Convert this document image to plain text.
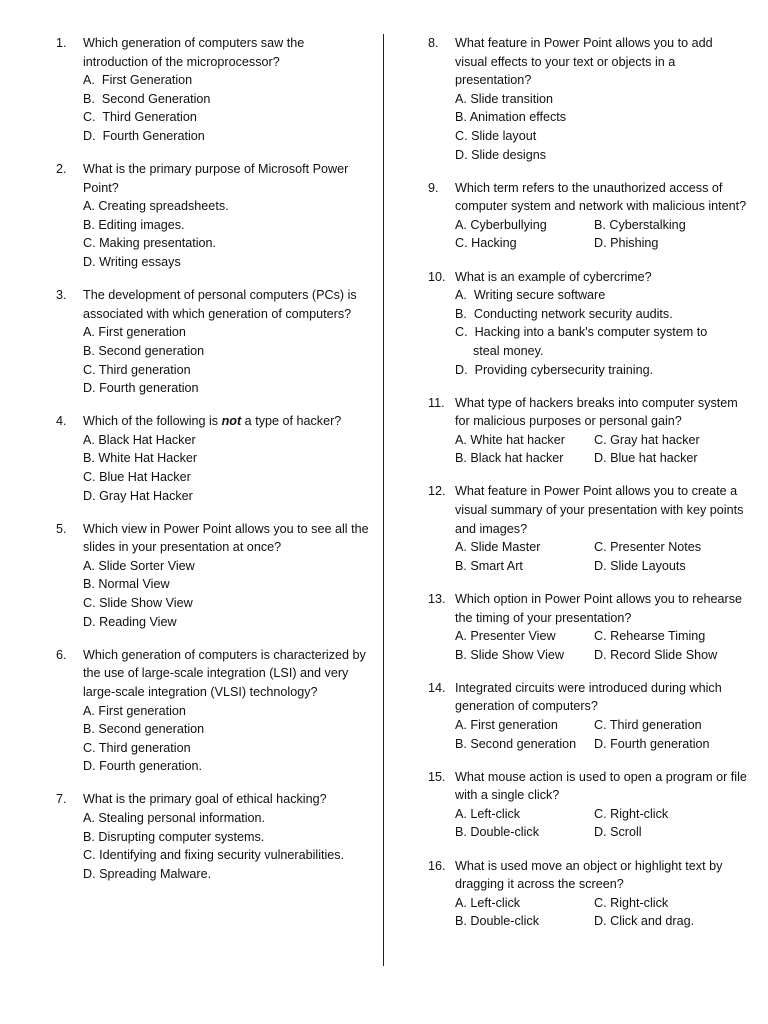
1.	Which generation of computers saw the introduction of the microprocessor?
A.  First Generation
B.  Second Generation
C.  Third Generation
D.  Fourth Generation
2.	What is the primary purpose of Microsoft Power Point?
A. Creating spreadsheets.
B. Editing images.
C. Making presentation.
D. Writing essays
3.	The development of personal computers (PCs) is associated with which generation of computers?
A. First generation
B. Second generation
C. Third generation
D. Fourth generation
4.	Which of the following is not a type of hacker?
A. Black Hat Hacker
B. White Hat Hacker
C. Blue Hat Hacker
D. Gray Hat Hacker
5.	Which view in Power Point allows you to see all the slides in your presentation at once?
A. Slide Sorter View
B. Normal View
C. Slide Show View
D. Reading View
6.	Which generation of computers is characterized by the use of large-scale integration (LSI) and very large-scale integration (VLSI) technology?
A. First generation
B. Second generation
C. Third generation
D. Fourth generation.
7.	What is the primary goal of ethical hacking?
A. Stealing personal information.
B. Disrupting computer systems.
C. Identifying and fixing security vulnerabilities.
D. Spreading Malware.
8.	What feature in Power Point allows you to add visual effects to your text or objects in a presentation?
A. Slide transition
B. Animation effects
C. Slide layout
D. Slide designs
9.	Which term refers to the unauthorized access of computer system and network with malicious intent?
A. Cyberbullying	B. Cyberstalking
C. Hacking	D. Phishing
10. What is an example of cybercrime?
A.  Writing secure software
B.  Conducting network security audits.
C.  Hacking into a bank's computer system to
steal money.
D.  Providing cybersecurity training.
11. What type of hackers breaks into computer system for malicious purposes or personal gain?
A. White hat hacker	C. Gray hat hacker
B. Black hat hacker	D. Blue hat hacker
12. What feature in Power Point allows you to create a visual summary of your presentation with key points and images?
A. Slide Master	C. Presenter Notes
B. Smart Art	D. Slide Layouts
13. Which option in Power Point allows you to rehearse the timing of your presentation?
A. Presenter View	C. Rehearse Timing
B. Slide Show View	D. Record Slide Show
14. Integrated circuits were introduced during which generation of computers?
A. First generation	C. Third generation
B. Second generation	D. Fourth generation
15. What mouse action is used to open a program or file with a single click?
A. Left-click	C. Right-click
B. Double-click	D. Scroll
16. What is used move an object or highlight text by dragging it across the screen?
A. Left-click	C. Right-click
B. Double-click	D. Click and drag.
